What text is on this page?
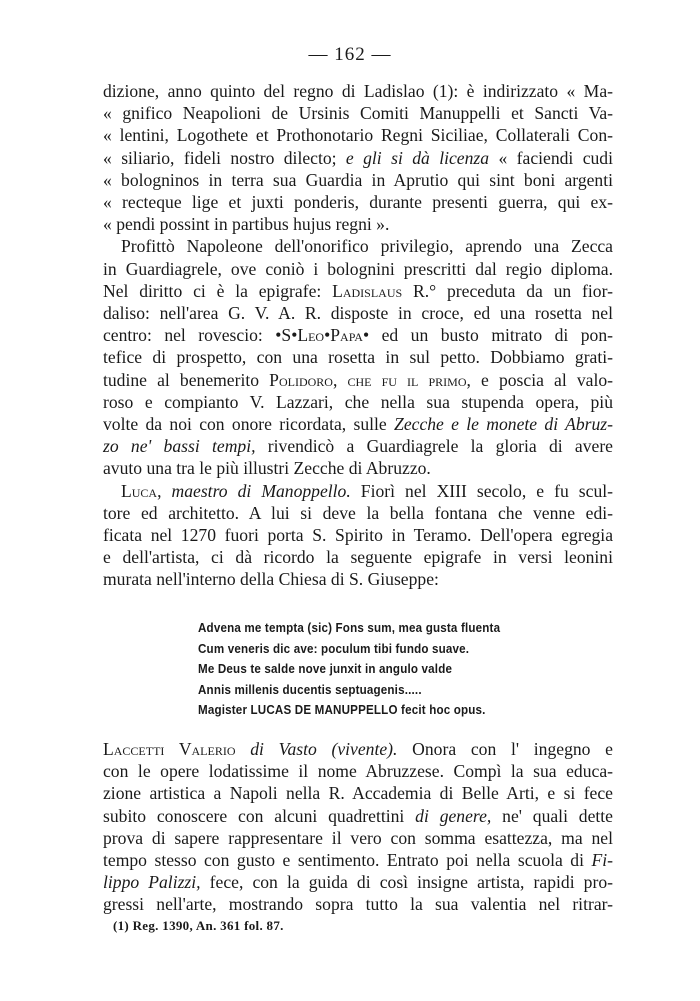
— 162 —
dizione, anno quinto del regno di Ladislao (1): è indirizzato « Ma-
« gnifico Neapolioni de Ursinis Comiti Manuppelli et Sancti Va-
« lentini, Logothete et Prothonotario Regni Siciliae, Collaterali Con-
« siliario, fideli nostro dilecto; e gli si dà licenza « faciendi cudi
« bologninos in terra sua Guardia in Aprutio qui sint boni argenti
« recteque lige et juxti ponderis, durante presenti guerra, qui ex-
« pendi possint in partibus hujus regni ».
Profittò Napoleone dell'onorifico privilegio, aprendo una Zecca
in Guardiagrele, ove coniò i bolognini prescritti dal regio diploma.
Nel diritto ci è la epigrafe: Ladislaus R.° preceduta da un fior-
daliso: nell'area G. V. A. R. disposte in croce, ed una rosetta nel
centro: nel rovescio: •S•Leo•Papa• ed un busto mitrato di pon-
tefice di prospetto, con una rosetta in sul petto. Dobbiamo grati-
tudine al benemerito Polidoro, che fu il primo, e poscia al valo-
roso e compianto V. Lazzari, che nella sua stupenda opera, più
volte da noi con onore ricordata, sulle Zecche e le monete di Abruz-
zo ne' bassi tempi, rivendicò a Guardiagrele la gloria di avere
avuto una tra le più illustri Zecche di Abruzzo.
Luca, maestro di Manoppello. Fiorì nel XIII secolo, e fu scul-
tore ed architetto. A lui si deve la bella fontana che venne edi-
ficata nel 1270 fuori porta S. Spirito in Teramo. Dell'opera egregia
e dell'artista, ci dà ricordo la seguente epigrafe in versi leonini
murata nell'interno della Chiesa di S. Giuseppe:
Advena me tempta (sic) Fons sum, mea gusta fluenta
Cum veneris dic ave: poculum tibi fundo suave.
Me Deus te salde nove junxit in angulo valde
Annis millenis ducentis septuagenis.....
Magister LUCAS DE MANUPPELLO fecit hoc opus.
Laccetti Valerio di Vasto (vivente). Onora con l' ingegno e
con le opere lodatissime il nome Abruzzese. Compì la sua educa-
zione artistica a Napoli nella R. Accademia di Belle Arti, e si fece
subito conoscere con alcuni quadrettini di genere, ne' quali dette
prova di sapere rappresentare il vero con somma esattezza, ma nel
tempo stesso con gusto e sentimento. Entrato poi nella scuola di Fi-
lippo Palizzi, fece, con la guida di così insigne artista, rapidi pro-
gressi nell'arte, mostrando sopra tutto la sua valentia nel ritrar-
(1) Reg. 1390, An. 361 fol. 87.
